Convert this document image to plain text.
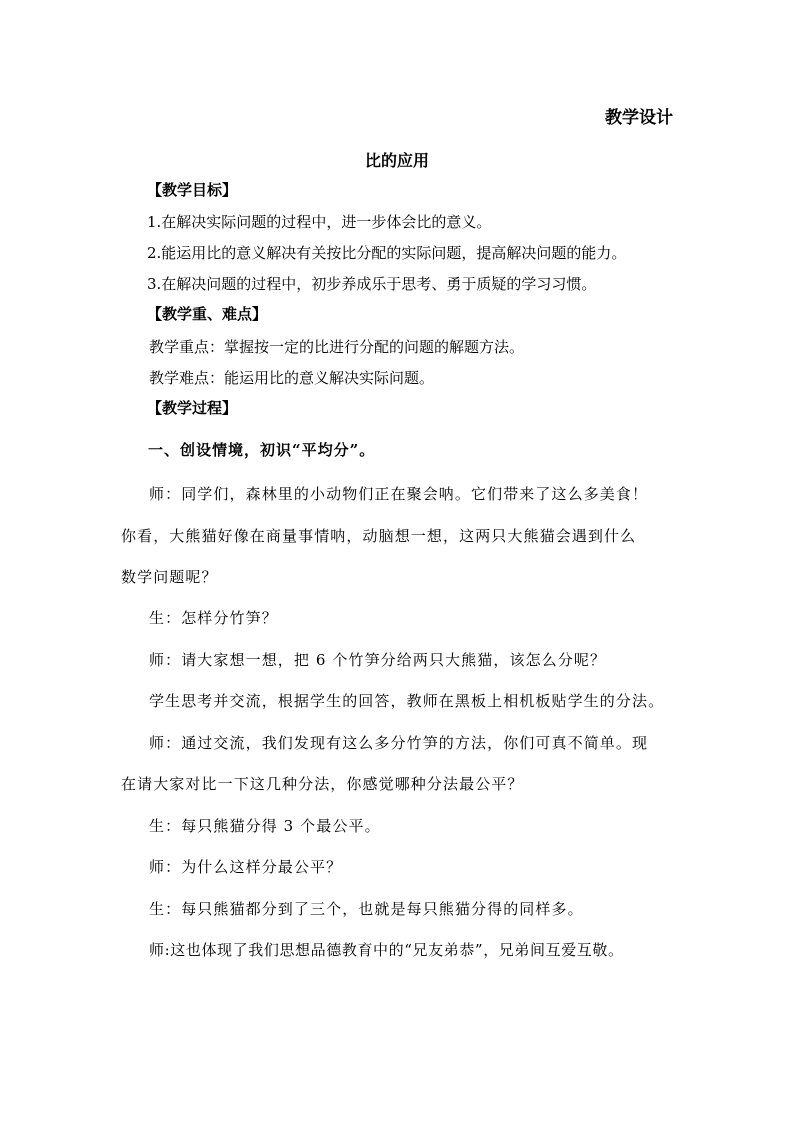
教学设计
比的应用
【教学目标】
1.在解决实际问题的过程中，进一步体会比的意义。
2.能运用比的意义解决有关按比分配的实际问题，提高解决问题的能力。
3.在解决问题的过程中，初步养成乐于思考、勇于质疑的学习习惯。
【教学重、难点】
教学重点：掌握按一定的比进行分配的问题的解题方法。
教学难点：能运用比的意义解决实际问题。
【教学过程】
一、创设情境，初识“平均分”。
师：同学们，森林里的小动物们正在聚会呐。它们带来了这么多美食！
你看，大熊猫好像在商量事情呐，动脑想一想，这两只大熊猫会遇到什么
数学问题呢？
生：怎样分竹笋？
师：请大家想一想，把 6 个竹笋分给两只大熊猫，该怎么分呢？
学生思考并交流，根据学生的回答，教师在黑板上相机板贴学生的分法。
师：通过交流，我们发现有这么多分竹笋的方法，你们可真不简单。现
在请大家对比一下这几种分法，你感觉哪种分法最公平？
生：每只熊猫分得 3 个最公平。
师：为什么这样分最公平？
生：每只熊猫都分到了三个，也就是每只熊猫分得的同样多。
师:这也体现了我们思想品德教育中的“兄友弟恭”，兄弟间互爱互敬。
